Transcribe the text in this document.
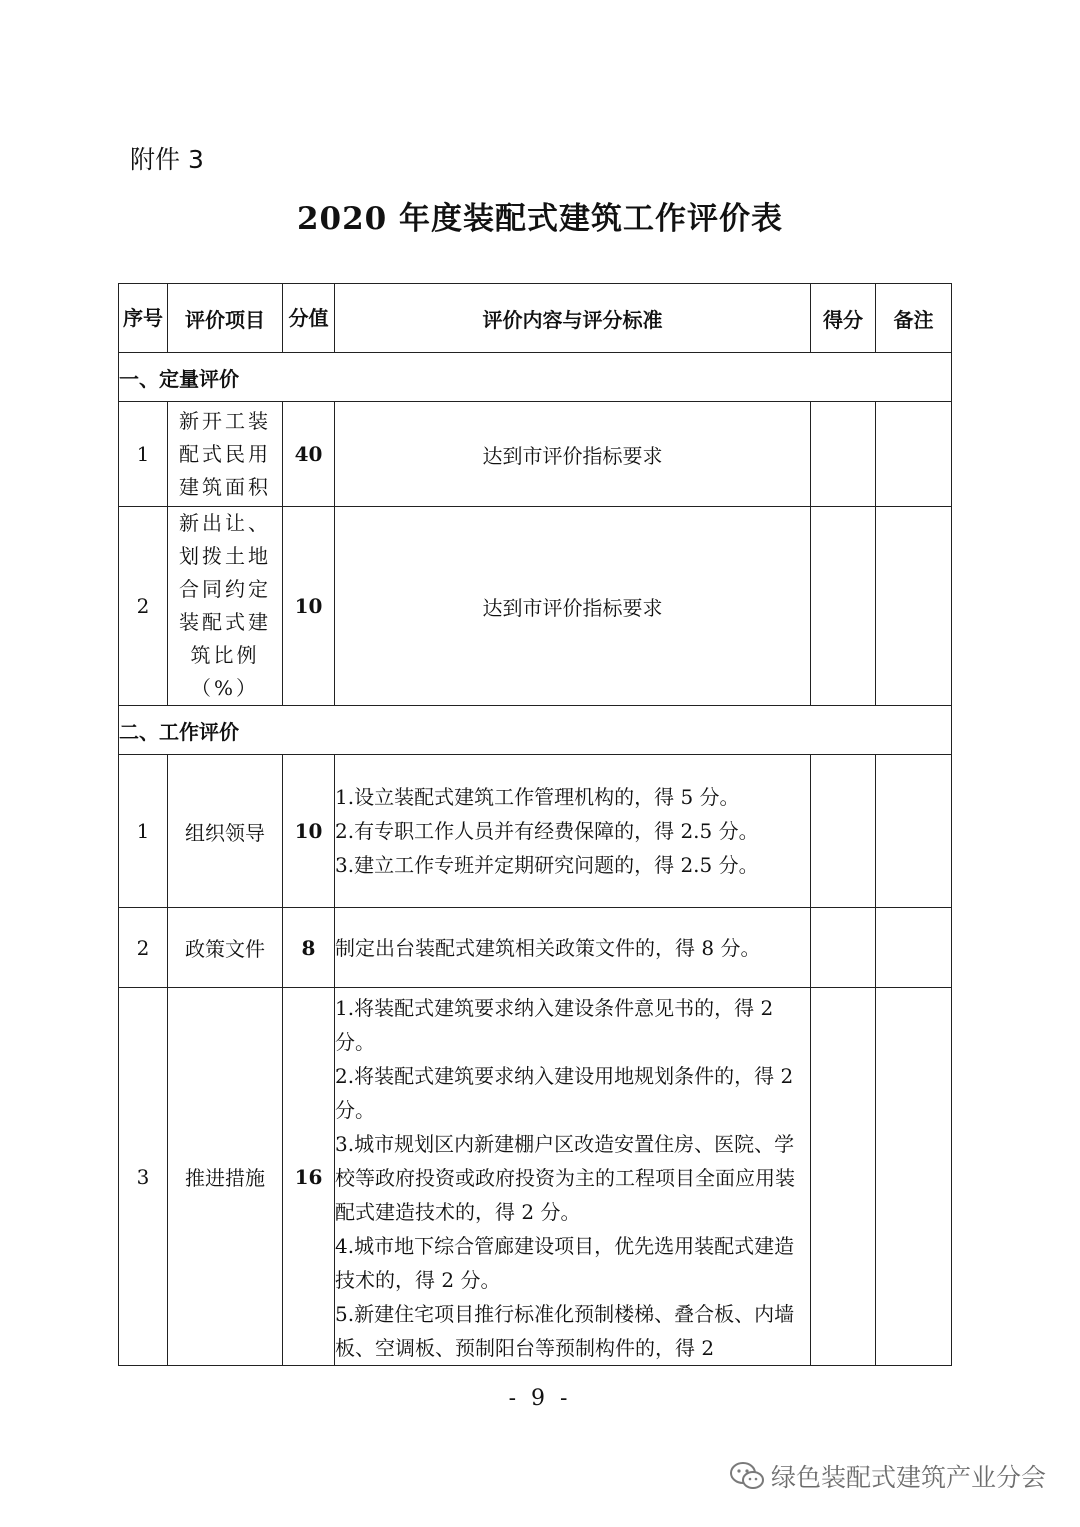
附件 3
2020 年度装配式建筑工作评价表
序号	评价项目	分值	评价内容与评分标准	得分	备注
一、定量评价					
1	新开工装配式民用建筑面积	40	达到市评价指标要求		
2	新出让、划拨土地合同约定装配式建筑比例（%）	10	达到市评价指标要求		
二、工作评价					
1	组织领导	10	1.设立装配式建筑工作管理机构的，得 5 分。
2.有专职工作人员并有经费保障的，得 2.5 分。
3.建立工作专班并定期研究问题的，得 2.5 分。		

2	政策文件	8	制定出台装配式建筑相关政策文件的，得 8 分。		

3	推进措施	16	1.将装配式建筑要求纳入建设条件意见书的，得 2 分。
2.将装配式建筑要求纳入建设用地规划条件的，得 2 分。
3.城市规划区内新建棚户区改造安置住房、医院、学校等政府投资或政府投资为主的工程项目全面应用装配式建造技术的，得 2 分。
4.城市地下综合管廊建设项目，优先选用装配式建造技术的，得 2 分。
5.新建住宅项目推行标准化预制楼梯、叠合板、内墙板、空调板、预制阳台等预制构件的，得 2		

- 9 -
绿色装配式建筑产业分会
